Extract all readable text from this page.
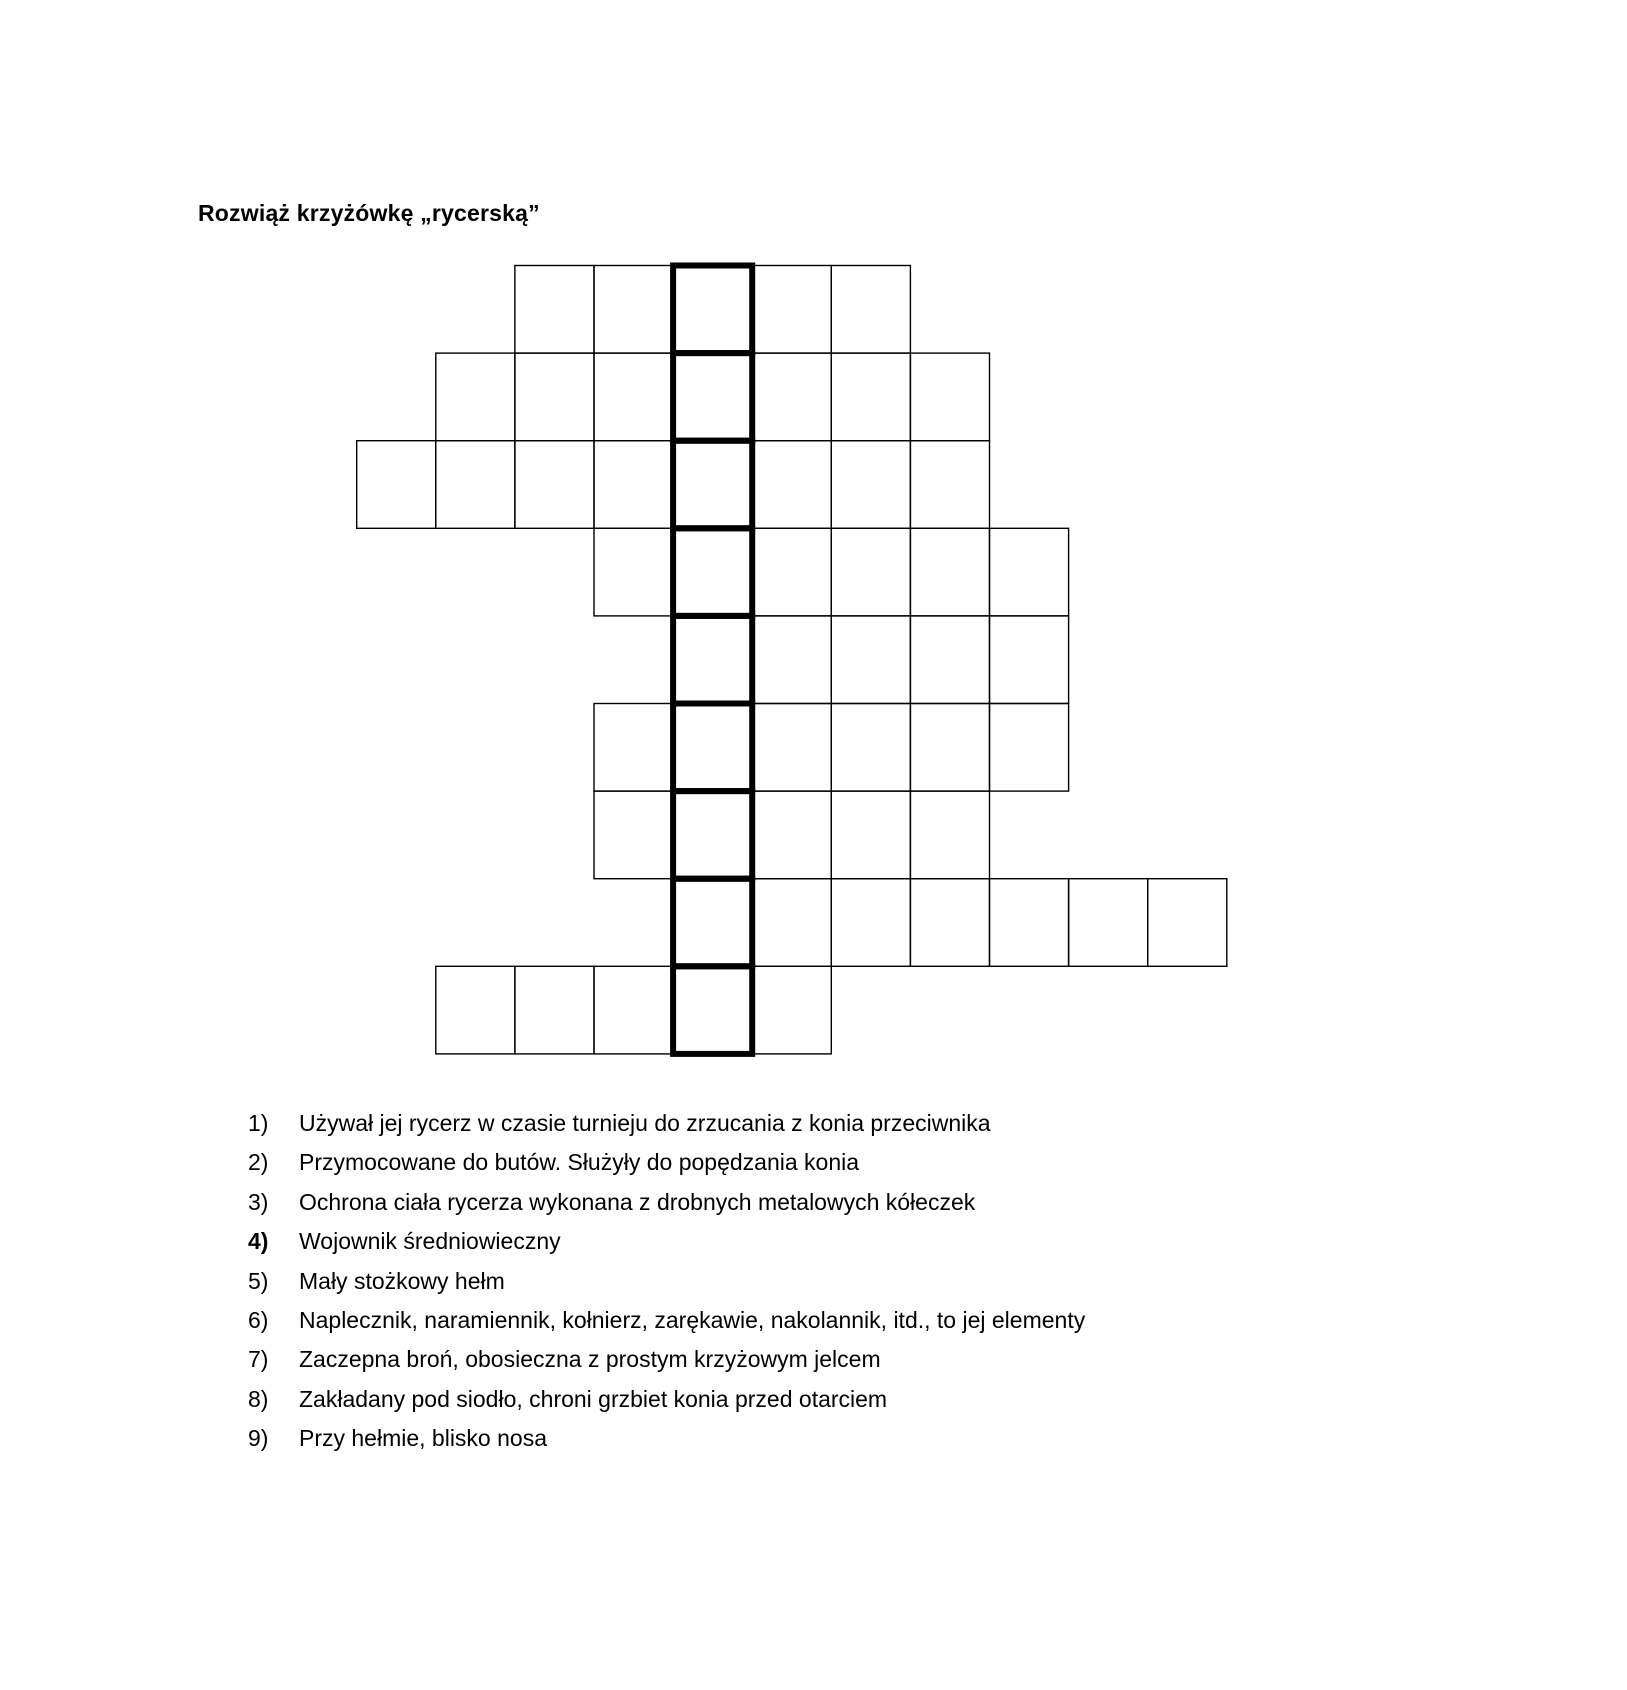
Rozwiąż krzyżówkę „rycerską”
1) Używał jej rycerz w czasie turnieju do zrzucania z konia przeciwnika
2) Przymocowane do butów. Służyły do popędzania konia
3) Ochrona ciała rycerza wykonana z drobnych metalowych kółeczek
4) Wojownik średniowieczny
5) Mały stożkowy hełm
6) Naplecznik, naramiennik, kołnierz, zarękawie, nakolannik, itd., to jej elementy
7) Zaczepna broń, obosieczna z prostym krzyżowym jelcem
8) Zakładany pod siodło, chroni grzbiet konia przed otarciem
9) Przy hełmie, blisko nosa
